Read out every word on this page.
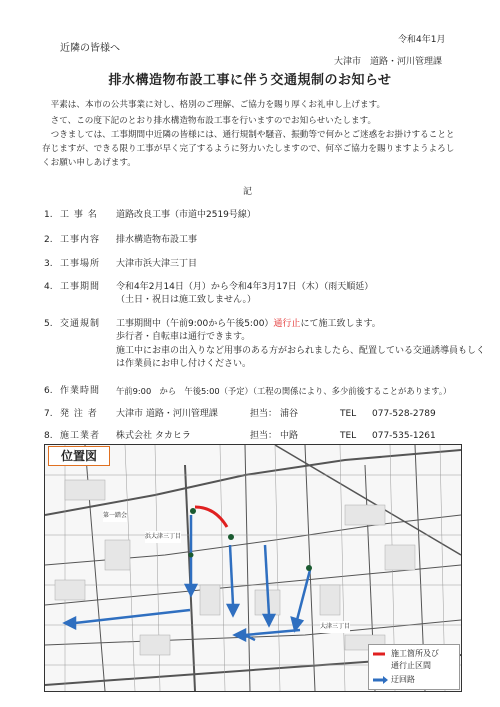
令和4年1月
近隣の皆様へ
大津市　道路・河川管理課
排水構造物布設工事に伴う交通規制のお知らせ
平素は、本市の公共事業に対し、格別のご理解、ご協力を賜り厚くお礼申し上げます。
さて、この度下記のとおり排水構造物布設工事を行いますのでお知らせいたします。
つきましては、工事期間中近隣の皆様には、通行規制や騒音、振動等で何かとご迷惑をお掛けすることと存じますが、できる限り工事が早く完了するように努力いたしますので、何卒ご協力を賜りますようよろしくお願い申しあげます。
記
1. 工 事 名 道路改良工事（市道中2519号線）
2. 工事内容 排水構造物布設工事
3. 工事場所 大津市浜大津三丁目
4. 工事期間 令和4年2月14日（月）から令和4年3月17日（木）（雨天順延）
（土日・祝日は施工致しません。）
5. 交通規制 工事期間中（午前9:00から午後5:00）通行止にて施工致します。
歩行者・自転車は通行できます。
施工中にお車の出入りなど用事のある方がおられましたら、配置している交通誘導員もしく
は作業員にお申し付けください。
6. 作業時間 午前9:00　から　午後5:00（予定）（工程の関係により、多少前後することがあります。）
7. 発 注 者 大津市 道路・河川管理課	担当： 浦谷	TEL 077-528-2789
8. 施工業者 株式会社 タカヒラ	担当： 中路	TEL 077-535-1261
浜大津三丁目
第一踏会
大津三丁目
位置図
施工箇所及び
通行止区間
迂回路
